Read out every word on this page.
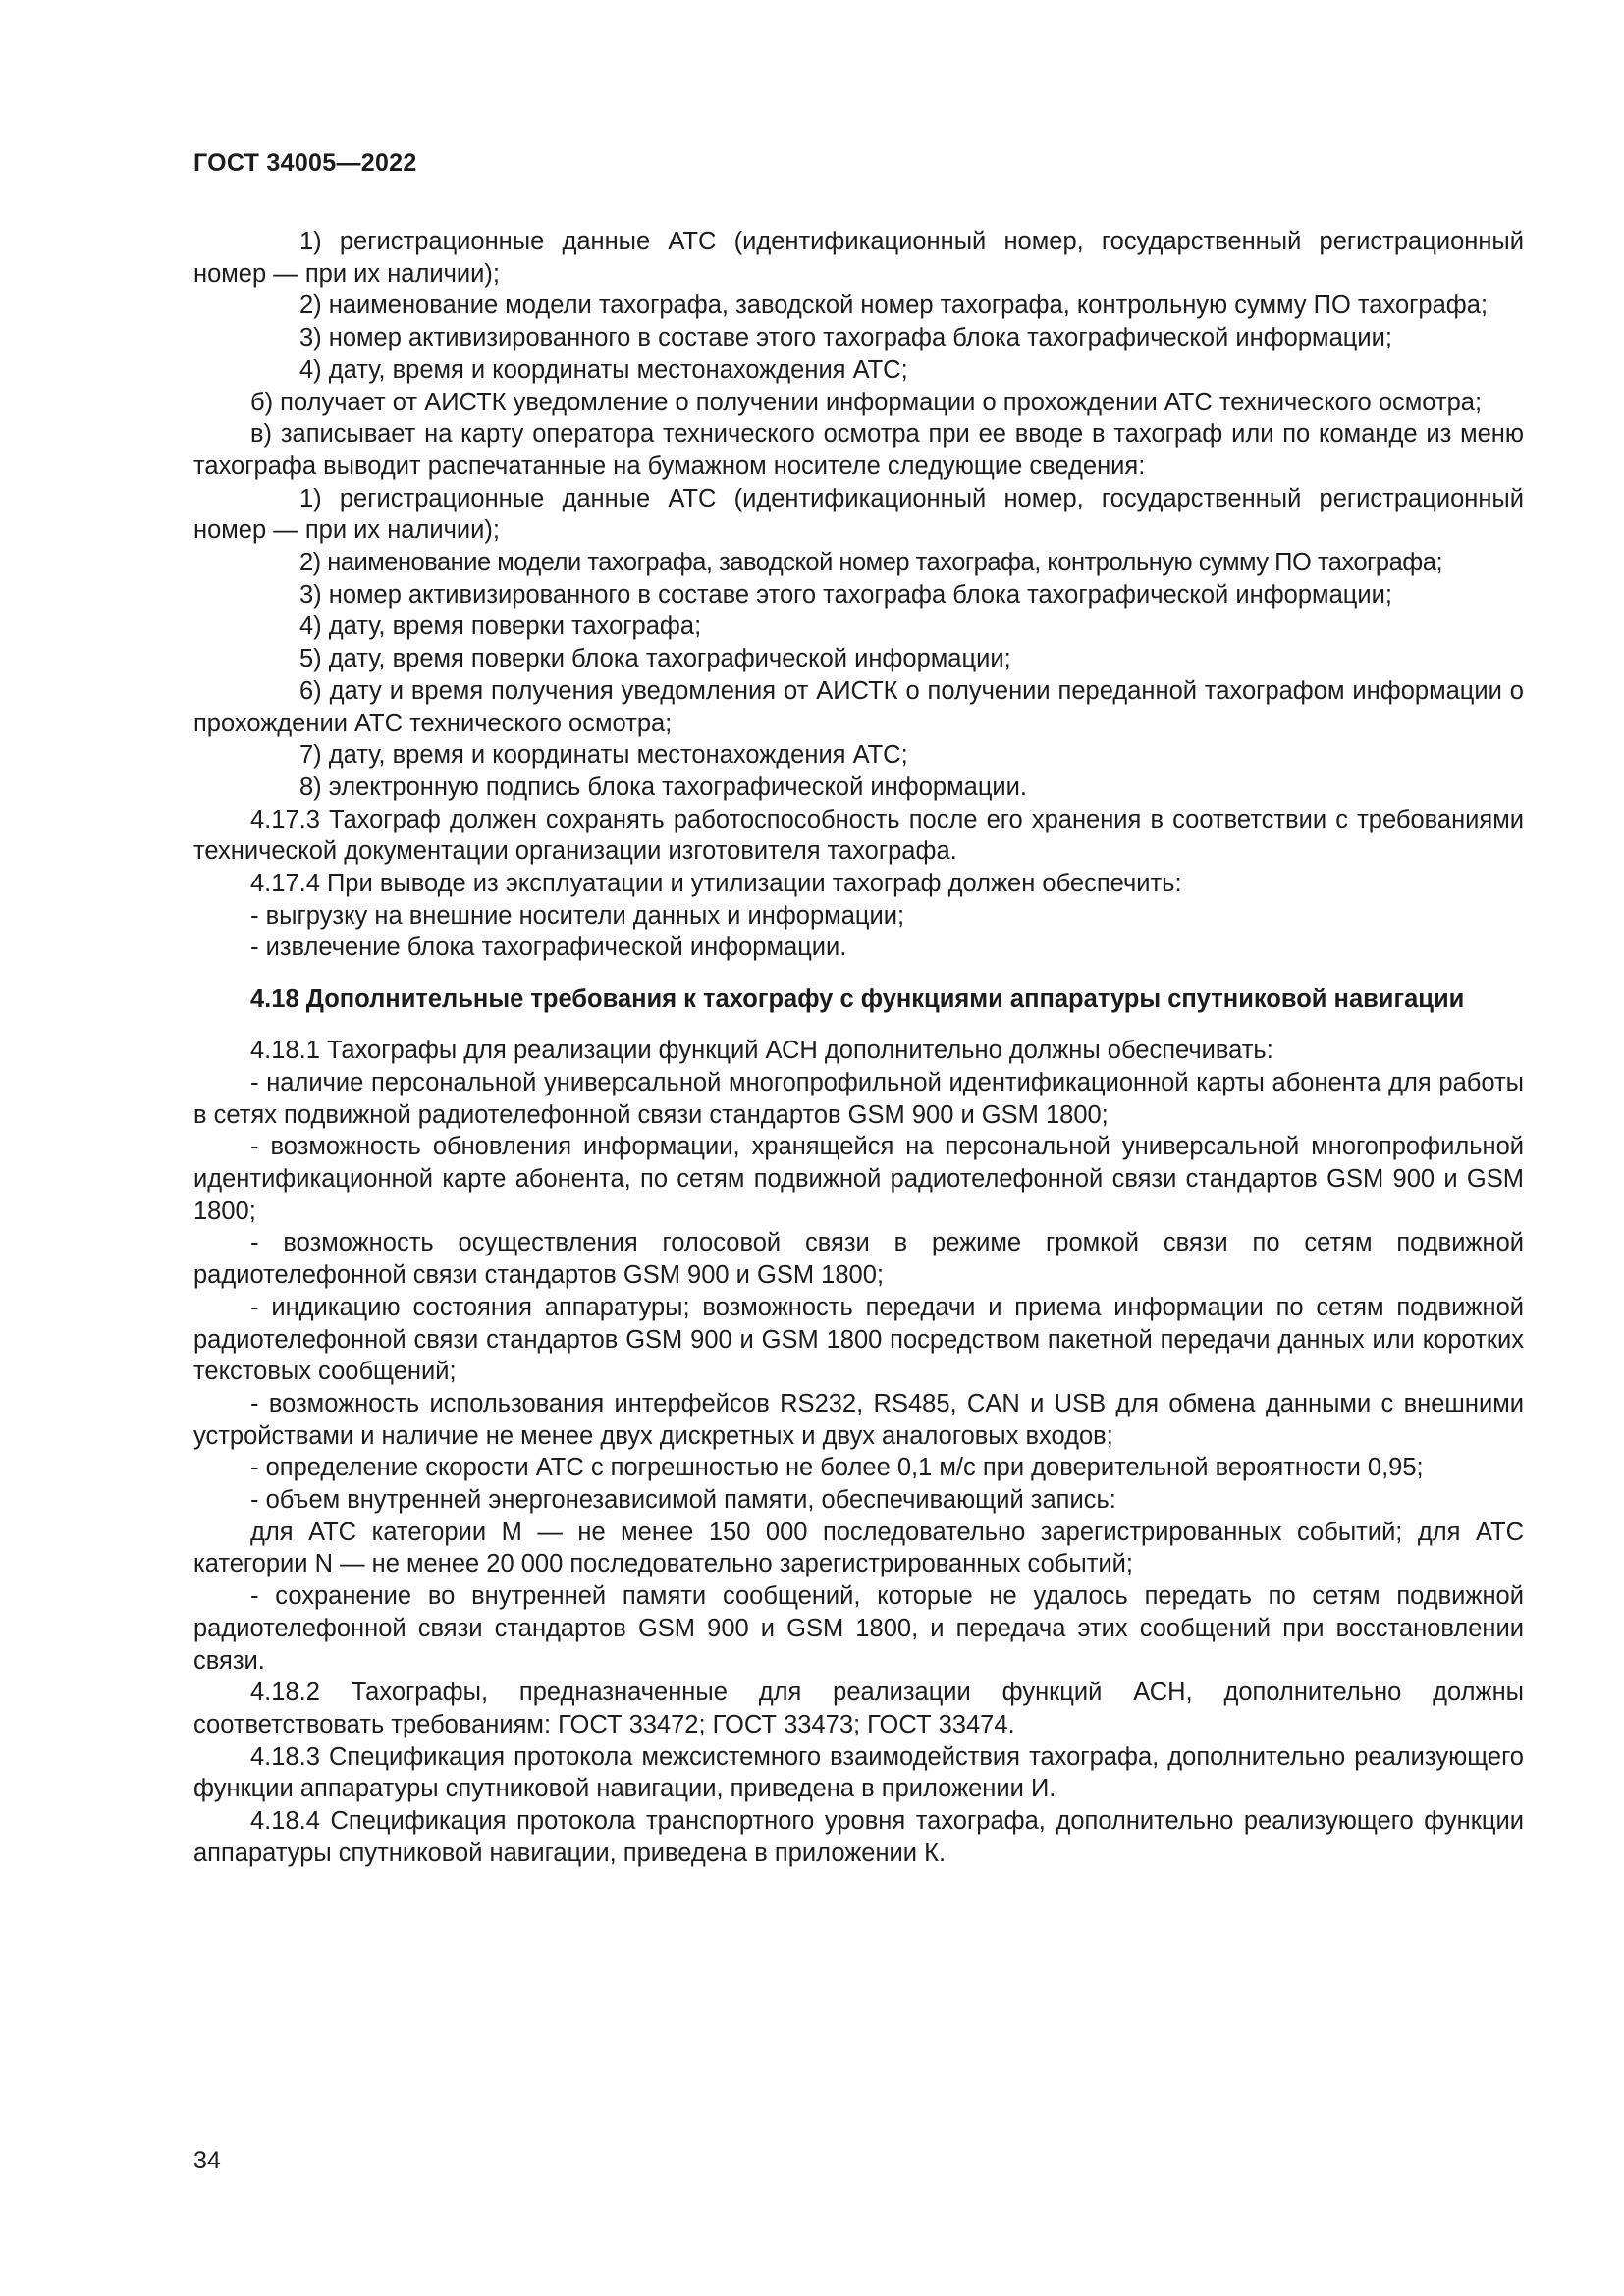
ГОСТ 34005—2022

1) регистрационные данные АТС (идентификационный номер, государственный регистрационный номер — при их наличии);

2) наименование модели тахографа, заводской номер тахографа, контрольную сумму ПО тахографа;

3) номер активизированного в составе этого тахографа блока тахографической информации;

4) дату, время и координаты местонахождения АТС;

б) получает от АИСТК уведомление о получении информации о прохождении АТС технического осмотра;

в) записывает на карту оператора технического осмотра при ее вводе в тахограф или по команде из меню тахографа выводит распечатанные на бумажном носителе следующие сведения:

1) регистрационные данные АТС (идентификационный номер, государственный регистрационный номер — при их наличии);

2) наименование модели тахографа, заводской номер тахографа, контрольную сумму ПО тахографа;

3) номер активизированного в составе этого тахографа блока тахографической информации;

4) дату, время поверки тахографа;

5) дату, время поверки блока тахографической информации;

6) дату и время получения уведомления от АИСТК о получении переданной тахографом информации о прохождении АТС технического осмотра;

7) дату, время и координаты местонахождения АТС;

8) электронную подпись блока тахографической информации.

4.17.3 Тахограф должен сохранять работоспособность после его хранения в соответствии с требованиями технической документации организации изготовителя тахографа.

4.17.4 При выводе из эксплуатации и утилизации тахограф должен обеспечить:

- выгрузку на внешние носители данных и информации;

- извлечение блока тахографической информации.

4.18 Дополнительные требования к тахографу с функциями аппаратуры спутниковой навигации

4.18.1 Тахографы для реализации функций АСН дополнительно должны обеспечивать:

- наличие персональной универсальной многопрофильной идентификационной карты абонента для работы в сетях подвижной радиотелефонной связи стандартов GSM 900 и GSM 1800;

- возможность обновления информации, хранящейся на персональной универсальной многопрофильной идентификационной карте абонента, по сетям подвижной радиотелефонной связи стандартов GSM 900 и GSM 1800;

- возможность осуществления голосовой связи в режиме громкой связи по сетям подвижной радиотелефонной связи стандартов GSM 900 и GSM 1800;

- индикацию состояния аппаратуры; возможность передачи и приема информации по сетям подвижной радиотелефонной связи стандартов GSM 900 и GSM 1800 посредством пакетной передачи данных или коротких текстовых сообщений;

- возможность использования интерфейсов RS232, RS485, CAN и USB для обмена данными с внешними устройствами и наличие не менее двух дискретных и двух аналоговых входов;

- определение скорости АТС с погрешностью не более 0,1 м/с при доверительной вероятности 0,95;

- объем внутренней энергонезависимой памяти, обеспечивающий запись:

для АТС категории M — не менее 150 000 последовательно зарегистрированных событий; для АТС категории N — не менее 20 000 последовательно зарегистрированных событий;

- сохранение во внутренней памяти сообщений, которые не удалось передать по сетям подвижной радиотелефонной связи стандартов GSM 900 и GSM 1800, и передача этих сообщений при восстановлении связи.

4.18.2 Тахографы, предназначенные для реализации функций АСН, дополнительно должны соответствовать требованиям: ГОСТ 33472; ГОСТ 33473; ГОСТ 33474.

4.18.3 Спецификация протокола межсистемного взаимодействия тахографа, дополнительно реализующего функции аппаратуры спутниковой навигации, приведена в приложении И.

4.18.4 Спецификация протокола транспортного уровня тахографа, дополнительно реализующего функции аппаратуры спутниковой навигации, приведена в приложении К.

34
